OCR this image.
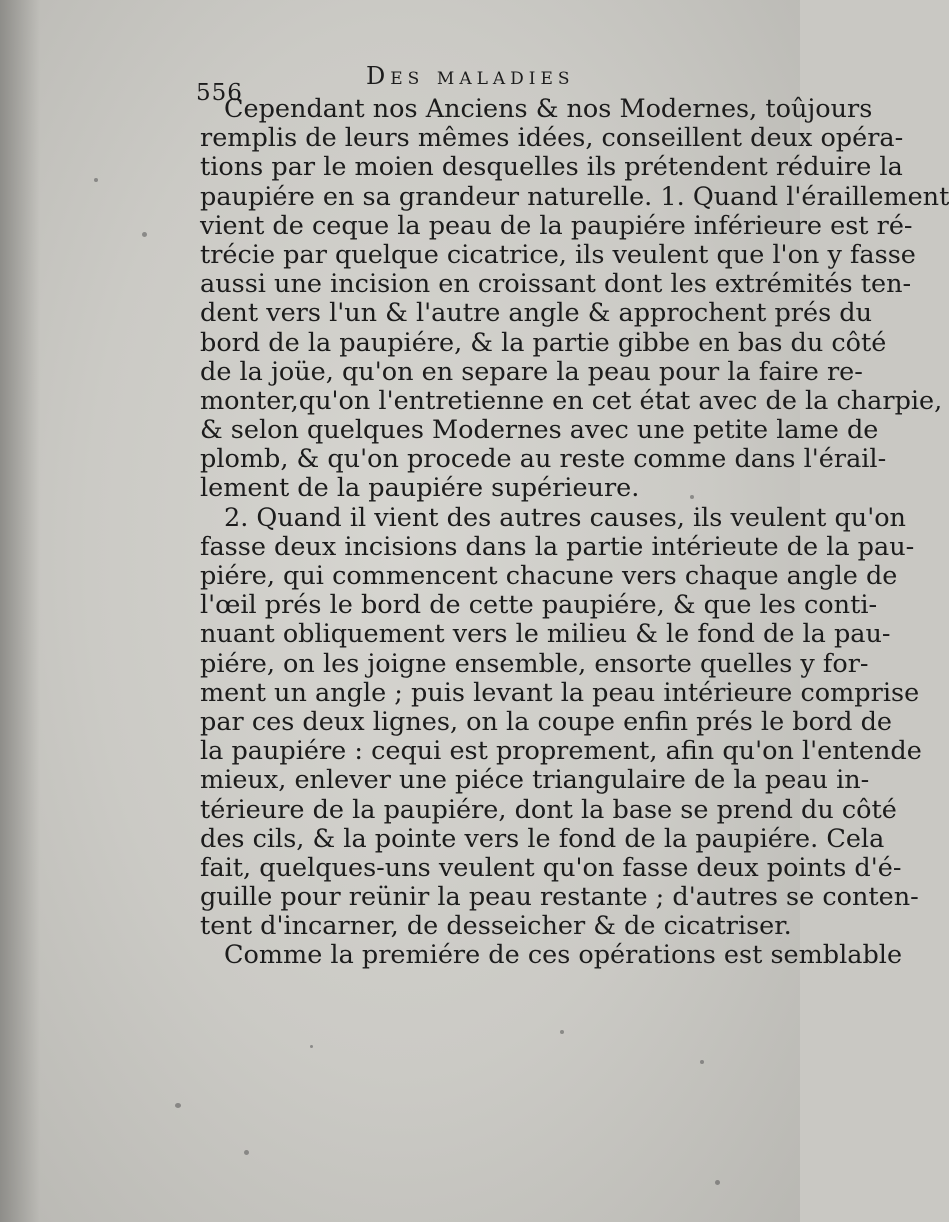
556
Des maladies
Cependant nos Anciens & nos Modernes, toûjours
remplis de leurs mêmes idées, conseillent deux opéra-
tions par le moien desquelles ils prétendent réduire la
paupiére en sa grandeur naturelle. 1. Quand l'éraillement
vient de ceque la peau de la paupiére inférieure est ré-
trécie par quelque cicatrice, ils veulent que l'on y fasse
aussi une incision en croissant dont les extrémités ten-
dent vers l'un & l'autre angle & approchent prés du
bord de la paupiére, & la partie gibbe en bas du côté
de la joüe, qu'on en separe la peau pour la faire re-
monter,qu'on l'entretienne en cet état avec de la charpie,
& selon quelques Modernes avec une petite lame de
plomb, & qu'on procede au reste comme dans l'érail-
lement de la paupiére supérieure.
2. Quand il vient des autres causes, ils veulent qu'on
fasse deux incisions dans la partie intérieute de la pau-
piére, qui commencent chacune vers chaque angle de
l'œil prés le bord de cette paupiére, & que les conti-
nuant obliquement vers le milieu & le fond de la pau-
piére, on les joigne ensemble, ensorte quelles y for-
ment un angle ; puis levant la peau intérieure comprise
par ces deux lignes, on la coupe enfin prés le bord de
la paupiére : cequi est proprement, afin qu'on l'entende
mieux, enlever une piéce triangulaire de la peau in-
térieure de la paupiére, dont la base se prend du côté
des cils, & la pointe vers le fond de la paupiére. Cela
fait, quelques-uns veulent qu'on fasse deux points d'é-
guille pour reünir la peau restante ; d'autres se conten-
tent d'incarner, de desseicher & de cicatriser.
Comme la premiére de ces opérations est semblable
